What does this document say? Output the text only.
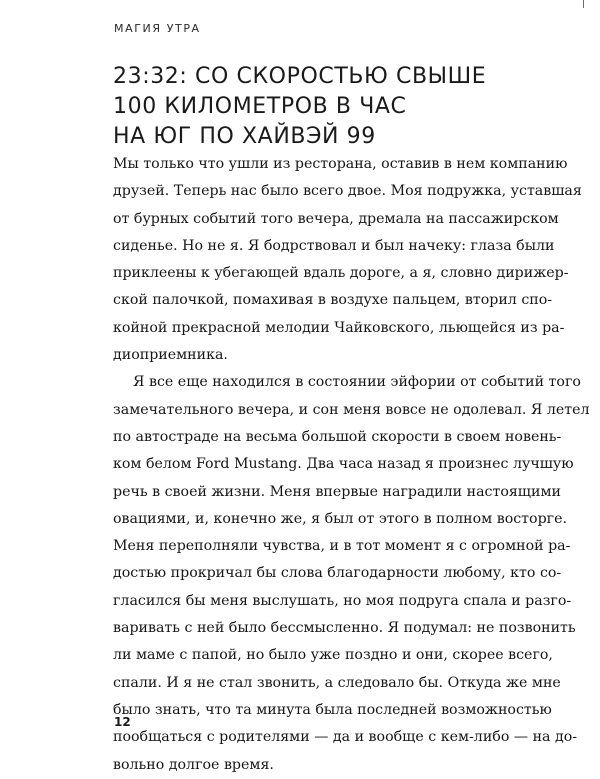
МАГИЯ УТРА
23:32: СО СКОРОСТЬЮ СВЫШЕ
100 КИЛОМЕТРОВ В ЧАС
НА ЮГ ПО ХАЙВЭЙ 99
Мы только что ушли из ресторана, оставив в нем компанию
друзей. Теперь нас было всего двое. Моя подружка, уставшая
от бурных событий того вечера, дремала на пассажирском
сиденье. Но не я. Я бодрствовал и был начеку: глаза были
приклеены к убегающей вдаль дороге, а я, словно дирижер-
ской палочкой, помахивая в воздухе пальцем, вторил спо-
койной прекрасной мелодии Чайковского, льющейся из ра-
диоприемника.
Я все еще находился в состоянии эйфории от событий того
замечательного вечера, и сон меня вовсе не одолевал. Я летел
по автостраде на весьма большой скорости в своем новень-
ком белом Ford Mustang. Два часа назад я произнес лучшую
речь в своей жизни. Меня впервые наградили настоящими
овациями, и, конечно же, я был от этого в полном восторге.
Меня переполняли чувства, и в тот момент я с огромной ра-
достью прокричал бы слова благодарности любому, кто со-
гласился бы меня выслушать, но моя подруга спала и разго-
варивать с ней было бессмысленно. Я подумал: не позвонить
ли маме с папой, но было уже поздно и они, скорее всего,
спали. И я не стал звонить, а следовало бы. Откуда же мне
было знать, что та минута была последней возможностью
пообщаться с родителями — да и вообще с кем-либо — на до-
вольно долгое время.
12
